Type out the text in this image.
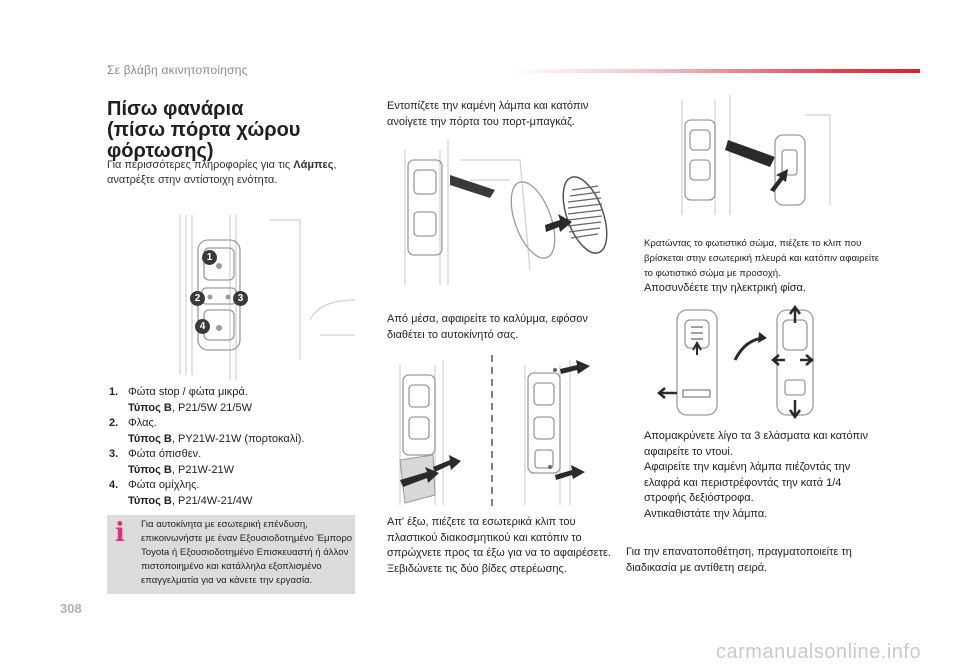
Σε βλάβη ακινητοποίησης
Πίσω φανάρια
(πίσω πόρτα χώρου
φόρτωσης)
Για περισσότερες πληροφορίες για τις Λάμπες, ανατρέξτε στην αντίστοιχη ενότητα.
1
2	3
4
1. Φώτα stop / φώτα μικρά.
Τύπος B, P21/5W 21/5W
2. Φλας.
Τύπος B, PY21W-21W (πορτοκαλί).
3. Φώτα όπισθεν.
Τύπος B, P21W-21W
4. Φώτα ομίχλης.
Τύπος B, P21/4W-21/4W
i Για αυτοκίνητα με εσωτερική επένδυση, επικοινωνήστε με έναν Εξουσιοδοτημένο Έμπορο Toyota ή Εξουσιοδοτημένο Επισκευαστή ή άλλον πιστοποιημένο και κατάλληλα εξοπλισμένο επαγγελματία για να κάνετε την εργασία.
Εντοπίζετε την καμένη λάμπα και κατόπιν ανοίγετε την πόρτα του πορτ-μπαγκάζ.
Από μέσα, αφαιρείτε το καλύμμα, εφόσον διαθέτει το αυτοκίνητό σας.
Απ' έξω, πιέζετε τα εσωτερικά κλιπ του πλαστικού διακοσμητικού και κατόπιν το σπρώχνετε προς τα έξω για να το αφαιρέσετε.
Ξεβιδώνετε τις δύο βίδες στερέωσης.
Κρατώντας το φωτιστικό σώμα, πιέζετε το κλιπ που βρίσκεται στην εσωτερική πλευρά και κατόπιν αφαιρείτε το φωτιστικό σώμα με προσοχή.
Αποσυνδέετε την ηλεκτρική φίσα.
Απομακρύνετε λίγο τα 3 ελάσματα και κατόπιν αφαιρείτε το ντουί.
Αφαιρείτε την καμένη λάμπα πιέζοντάς την ελαφρά και περιστρέφοντάς την κατά 1/4 στροφής δεξιόστροφα.
Αντικαθιστάτε την λάμπα.
Για την επανατοποθέτηση, πραγματοποιείτε τη διαδικασία με αντίθετη σειρά.
308
carmanualsonline.info
